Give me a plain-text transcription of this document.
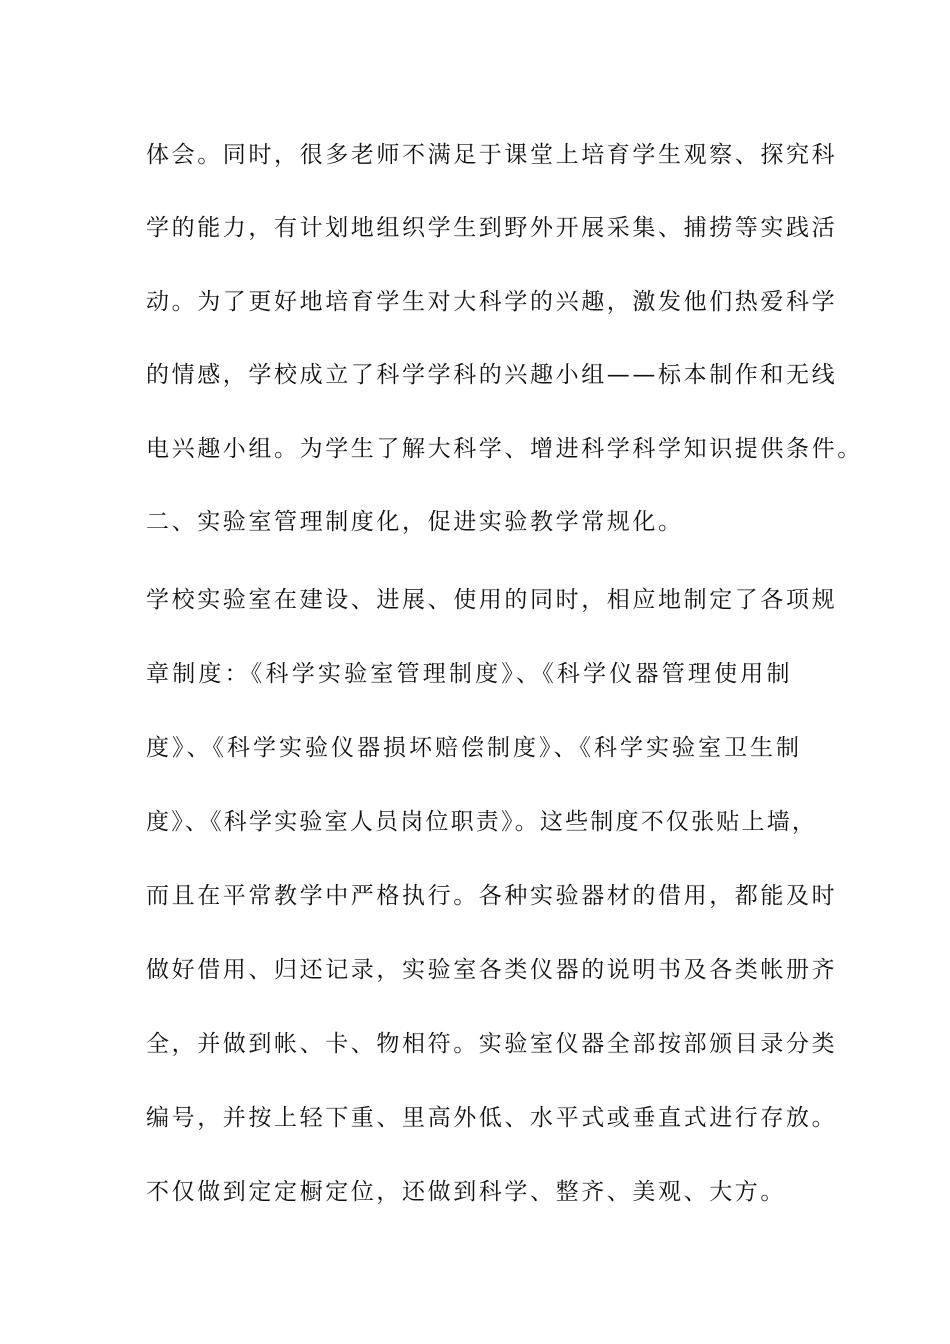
体会。同时，很多老师不满足于课堂上培育学生观察、探究科
学的能力，有计划地组织学生到野外开展采集、捕捞等实践活
动。为了更好地培育学生对大科学的兴趣，激发他们热爱科学
的情感，学校成立了科学学科的兴趣小组——标本制作和无线
电兴趣小组。为学生了解大科学、增进科学科学知识提供条件。
二、实验室管理制度化，促进实验教学常规化。
学校实验室在建设、进展、使用的同时，相应地制定了各项规
章制度：《科学实验室管理制度》、《科学仪器管理使用制
度》、《科学实验仪器损坏赔偿制度》、《科学实验室卫生制
度》、《科学实验室人员岗位职责》。这些制度不仅张贴上墙，
而且在平常教学中严格执行。各种实验器材的借用，都能及时
做好借用、归还记录，实验室各类仪器的说明书及各类帐册齐
全，并做到帐、卡、物相符。实验室仪器全部按部颁目录分类
编号，并按上轻下重、里高外低、水平式或垂直式进行存放。
不仅做到定定橱定位，还做到科学、整齐、美观、大方。
